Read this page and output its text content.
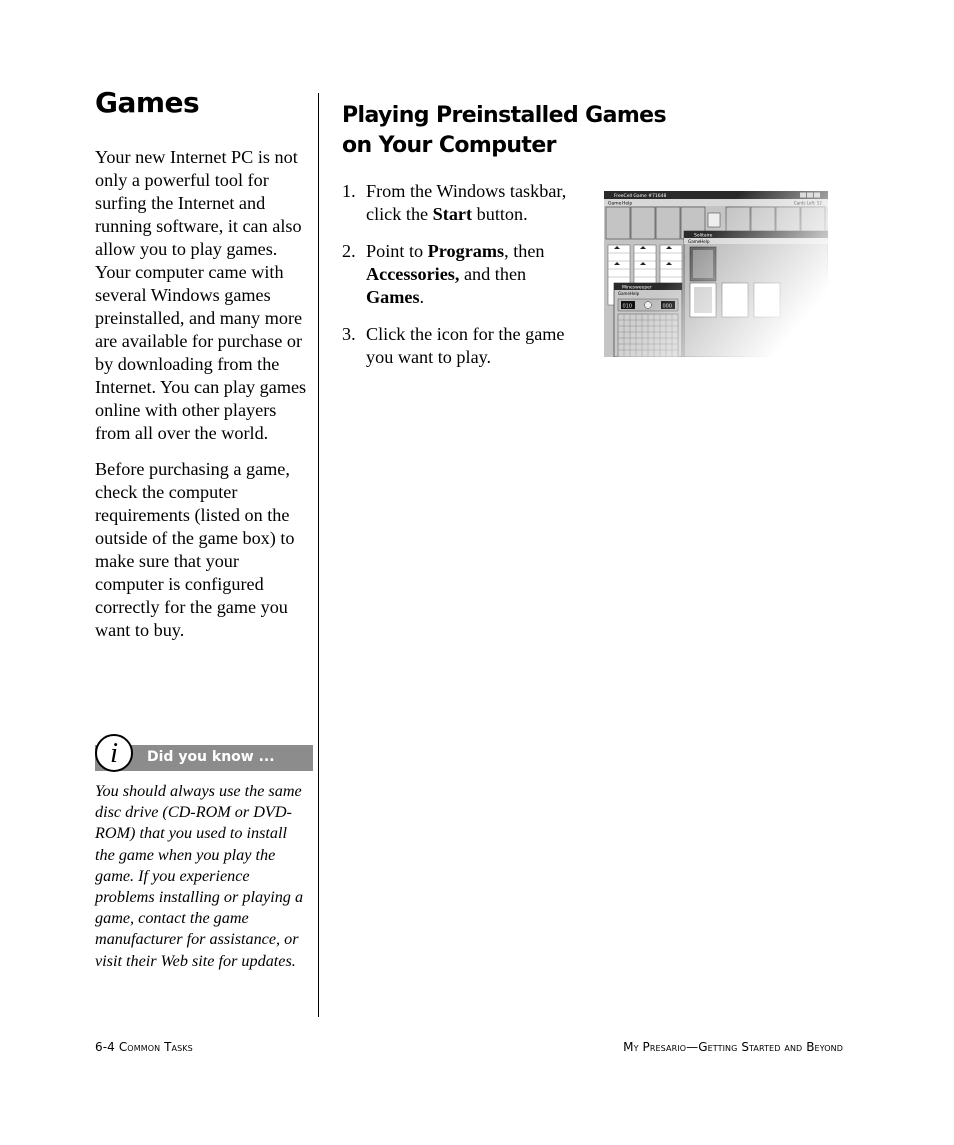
Games

Your new Internet PC is not only a powerful tool for surfing the Internet and running software, it can also allow you to play games. Your computer came with several Windows games preinstalled, and many more are available for purchase or by downloading from the Internet. You can play games online with other players from all over the world.

Before purchasing a game, check the computer requirements (listed on the outside of the game box) to make sure that your computer is configured correctly for the game you want to buy.

Did you know ...
i

You should always use the same disc drive (CD-ROM or DVD-ROM) that you used to install the game when you play the game. If you experience problems installing or playing a game, contact the game manufacturer for assistance, or visit their Web site for updates.

Playing Preinstalled Games
on Your Computer
1. From the Windows taskbar, click the Start button.
2. Point to Programs, then Accessories, and then Games.
3. Click the icon for the game you want to play.
6-4 Common Tasks	My Presario—Getting Started and Beyond
